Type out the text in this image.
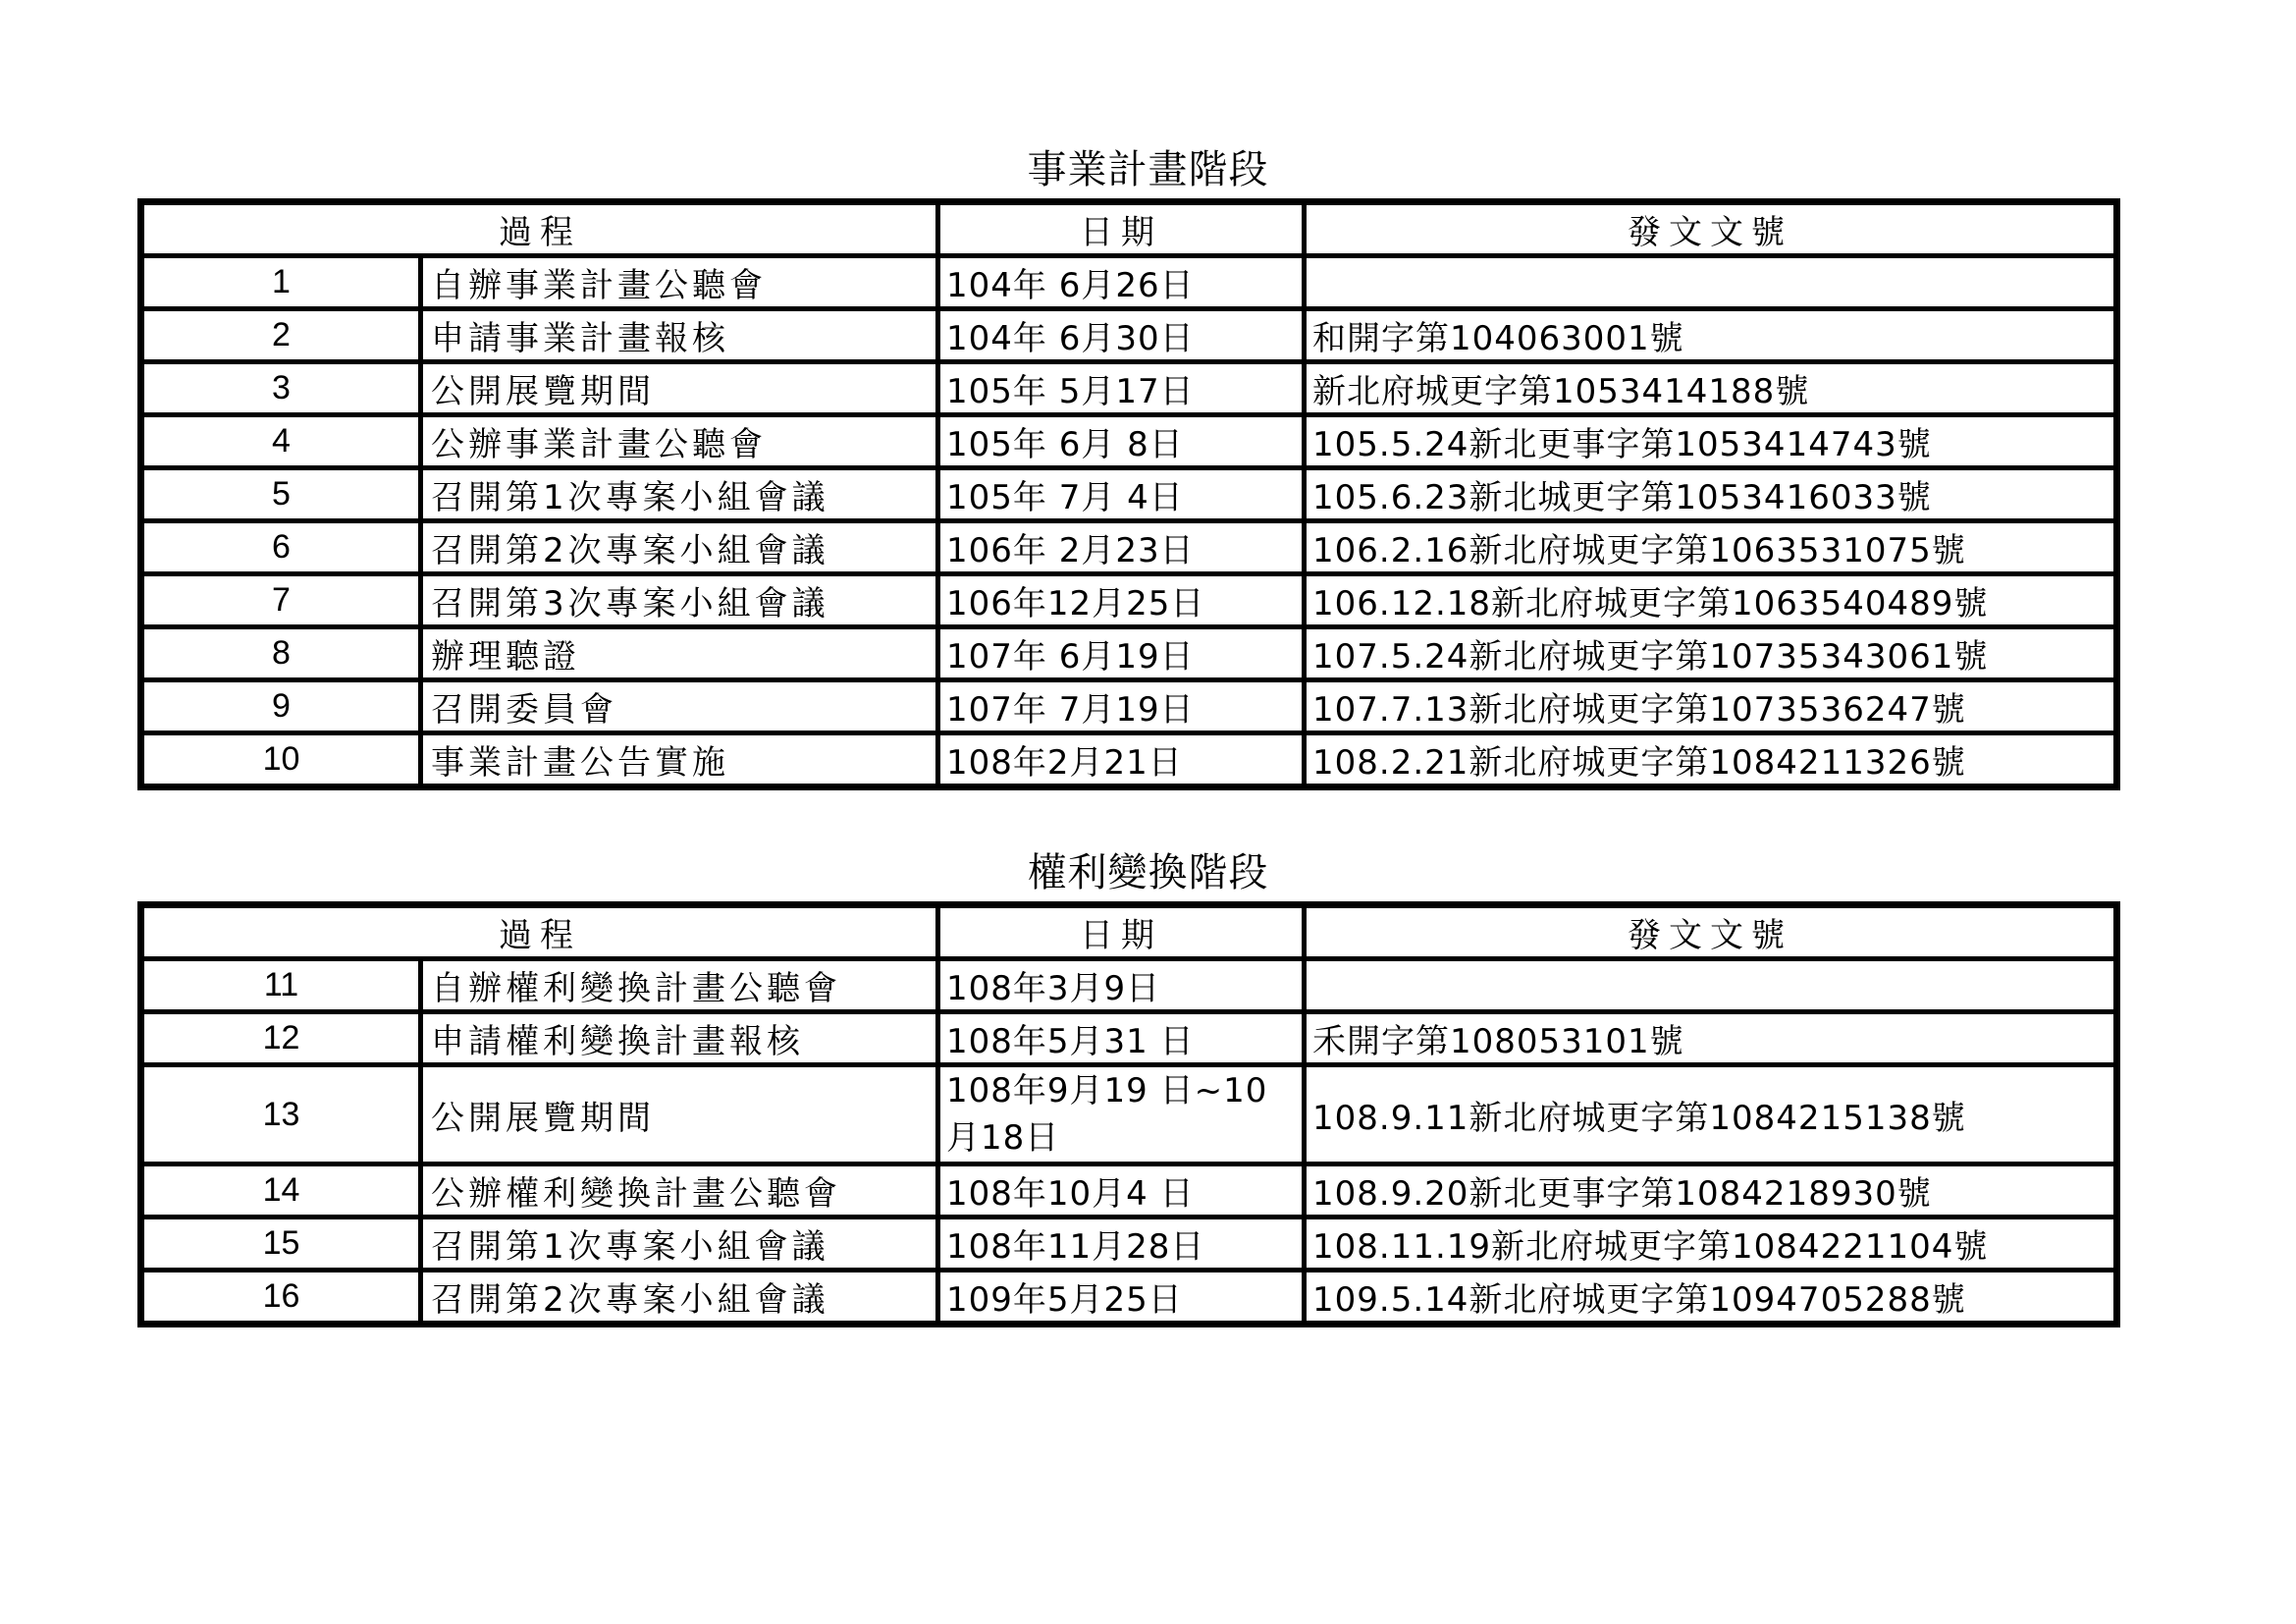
事業計畫階段
過程		日期	發文文號
1	自辦事業計畫公聽會	104年 6月26日	
2	申請事業計畫報核	104年 6月30日	和開字第104063001號
3	公開展覽期間	105年 5月17日	新北府城更字第1053414188號
4	公辦事業計畫公聽會	105年 6月 8日	105.5.24新北更事字第1053414743號
5	召開第1次專案小組會議	105年 7月 4日	105.6.23新北城更字第1053416033號
6	召開第2次專案小組會議	106年 2月23日	106.2.16新北府城更字第1063531075號
7	召開第3次專案小組會議	106年12月25日	106.12.18新北府城更字第1063540489號
8	辦理聽證	107年 6月19日	107.5.24新北府城更字第10735343061號
9	召開委員會	107年 7月19日	107.7.13新北府城更字第1073536247號
10	事業計畫公告實施	108年2月21日	108.2.21新北府城更字第1084211326號
權利變換階段
過程		日期	發文文號
11	自辦權利變換計畫公聽會	108年3月9日	
12	申請權利變換計畫報核	108年5月31 日	禾開字第108053101號
13	公開展覽期間	108年9月19 日~10月18日	108.9.11新北府城更字第1084215138號
14	公辦權利變換計畫公聽會	108年10月4 日	108.9.20新北更事字第1084218930號
15	召開第1次專案小組會議	108年11月28日	108.11.19新北府城更字第1084221104號
16	召開第2次專案小組會議	109年5月25日	109.5.14新北府城更字第1094705288號
